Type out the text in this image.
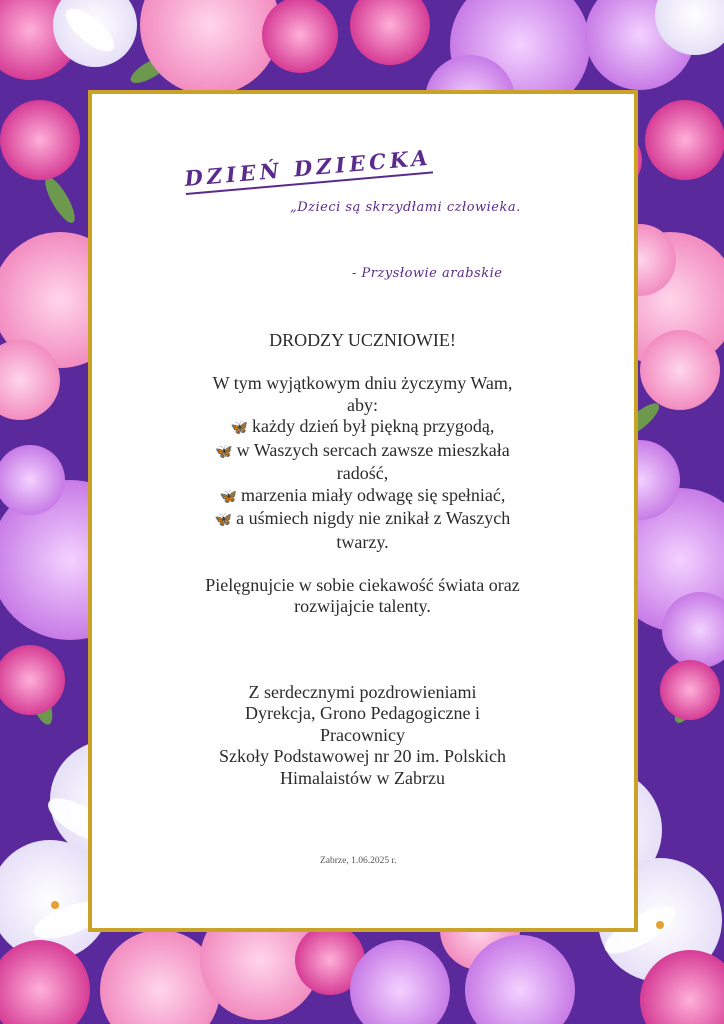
DZIEŃ DZIECKA
„Dzieci są skrzydłami człowieka.
- Przysłowie arabskie

DRODZY UCZNIOWIE!

W tym wyjątkowym dniu życzymy Wam,

aby:

🦋 każdy dzień był piękną przygodą,

🦋 w Waszych sercach zawsze mieszkała

radość,

🦋 marzenia miały odwagę się spełniać,

🦋 a uśmiech nigdy nie znikał z Waszych

twarzy.

Pielęgnujcie w sobie ciekawość świata oraz

rozwijajcie talenty.

Z serdecznymi pozdrowieniami

Dyrekcja, Grono Pedagogiczne i

Pracownicy

Szkoły Podstawowej nr 20 im. Polskich

Himalaistów w Zabrzu

Zabrze, 1.06.2025 r.
